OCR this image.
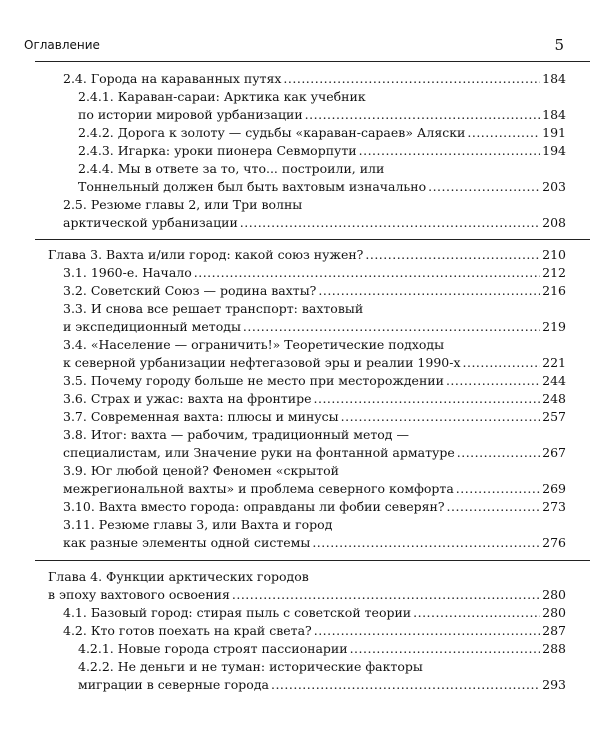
Оглавление	5
2.4. Города на караванных путях .....	184
2.4.1. Караван-сараи: Арктика как учебник
по истории мировой урбанизации .....	184
2.4.2. Дорога к золоту — судьбы «караван-сараев» Аляски .....	191
2.4.3. Игарка: уроки пионера Севморпути .....	194
2.4.4. Мы в ответе за то, что... построили, или
Тоннельный должен был быть вахтовым изначально .....	203
2.5. Резюме главы 2, или Три волны
арктической урбанизации .....	208
Глава 3. Вахта и/или город: какой союз нужен? .....	210
3.1. 1960-е. Начало .....	212
3.2. Советский Союз — родина вахты? .....	216
3.3. И снова все решает транспорт: вахтовый
и экспедиционный методы .....	219
3.4. «Население — ограничить!» Теоретические подходы
к северной урбанизации нефтегазовой эры и реалии 1990-х .....	221
3.5. Почему городу больше не место при месторождении .....	244
3.6. Страх и ужас: вахта на фронтире .....	248
3.7. Современная вахта: плюсы и минусы .....	257
3.8. Итог: вахта — рабочим, традиционный метод —
специалистам, или Значение руки на фонтанной арматуре .....	267
3.9. Юг любой ценой? Феномен «скрытой
межрегиональной вахты» и проблема северного комфорта .....	269
3.10. Вахта вместо города: оправданы ли фобии северян? .....	273
3.11. Резюме главы 3, или Вахта и город
как разные элементы одной системы .....	276
Глава 4. Функции арктических городов
в эпоху вахтового освоения .....	280
4.1. Базовый город: стирая пыль с советской теории .....	280
4.2. Кто готов поехать на край света? .....	287
4.2.1. Новые города строят пассионарии .....	288
4.2.2. Не деньги и не туман: исторические факторы
миграции в северные города .....	293
